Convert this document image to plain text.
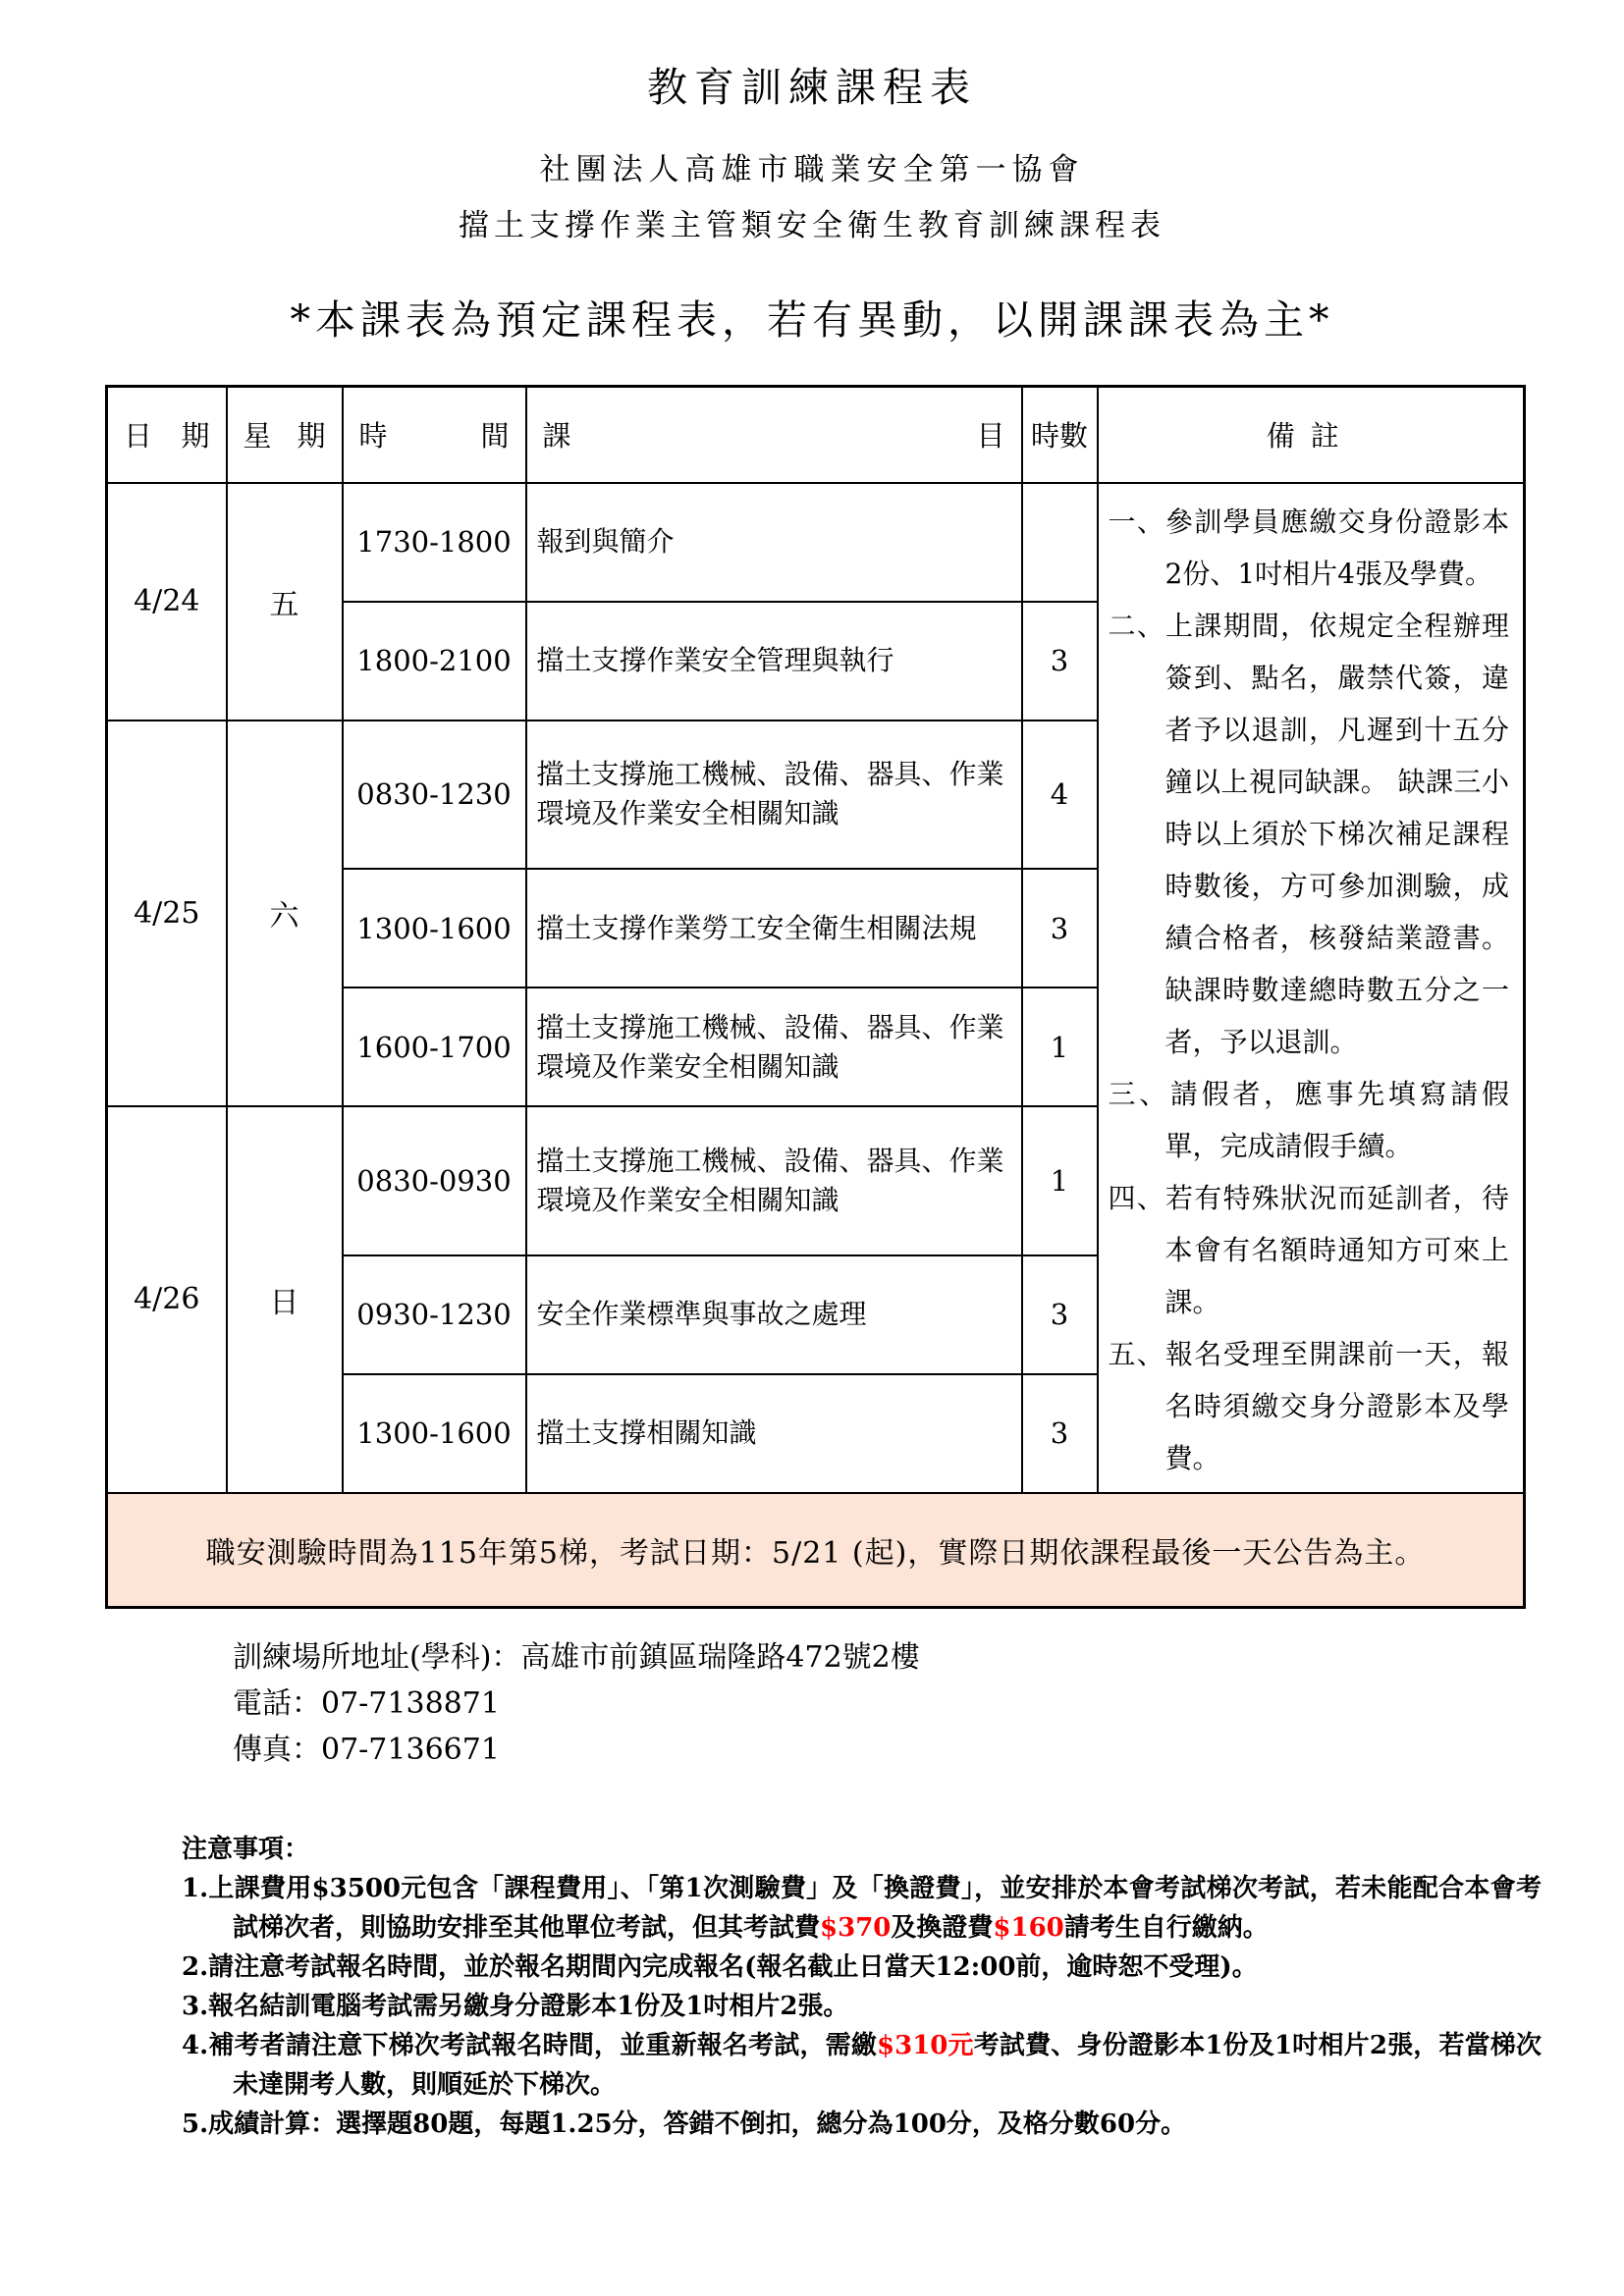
教育訓練課程表
社團法人高雄市職業安全第一協會
擋土支撐作業主管類安全衛生教育訓練課程表
*本課表為預定課程表，若有異動，以開課課表為主*
日 期	星 期	時 間	課 目	時數	備註
4/24	五	1730-1800	報到與簡介		一、參訓學員應繳交身份證影本2份、1吋相片4張及學費。
二、上課期間，依規定全程辦理簽到、點名，嚴禁代簽，違者予以退訓，凡遲到十五分鐘以上視同缺課。 缺課三小時以上須於下梯次補足課程時數後，方可參加測驗，成績合格者，核發結業證書。缺課時數達總時數五分之一者，予以退訓。
三、請假者，應事先填寫請假單，完成請假手續。
四、若有特殊狀況而延訓者，待本會有名額時通知方可來上課。
五、報名受理至開課前一天，報名時須繳交身分證影本及學費。

		1800-2100	擋土支撐作業安全管理與執行	3	
4/25	六	0830-1230	擋土支撐施工機械、設備、器具、作業環境及作業安全相關知識	4	
		1300-1600	擋土支撐作業勞工安全衛生相關法規	3	
		1600-1700	擋土支撐施工機械、設備、器具、作業環境及作業安全相關知識	1	
4/26	日	0830-0930	擋土支撐施工機械、設備、器具、作業環境及作業安全相關知識	1	
		0930-1230	安全作業標準與事故之處理	3	
		1300-1600	擋土支撐相關知識	3	
職安測驗時間為115年第5梯，考試日期：5/21 (起)，實際日期依課程最後一天公告為主。					
訓練場所地址(學科)：高雄市前鎮區瑞隆路472號2樓
電話：07-7138871
傳真：07-7136671
注意事項：
1.上課費用$3500元包含「課程費用」、「第1次測驗費」及「換證費」，並安排於本會考試梯次考試，若未能配合本會考試梯次者，則協助安排至其他單位考試，但其考試費$370及換證費$160請考生自行繳納。
2.請注意考試報名時間，並於報名期間內完成報名(報名截止日當天12:00前，逾時恕不受理)。
3.報名結訓電腦考試需另繳身分證影本1份及1吋相片2張。
4.補考者請注意下梯次考試報名時間，並重新報名考試，需繳$310元考試費、身份證影本1份及1吋相片2張，若當梯次未達開考人數，則順延於下梯次。
5.成績計算：選擇題80題，每題1.25分，答錯不倒扣，總分為100分，及格分數60分。
